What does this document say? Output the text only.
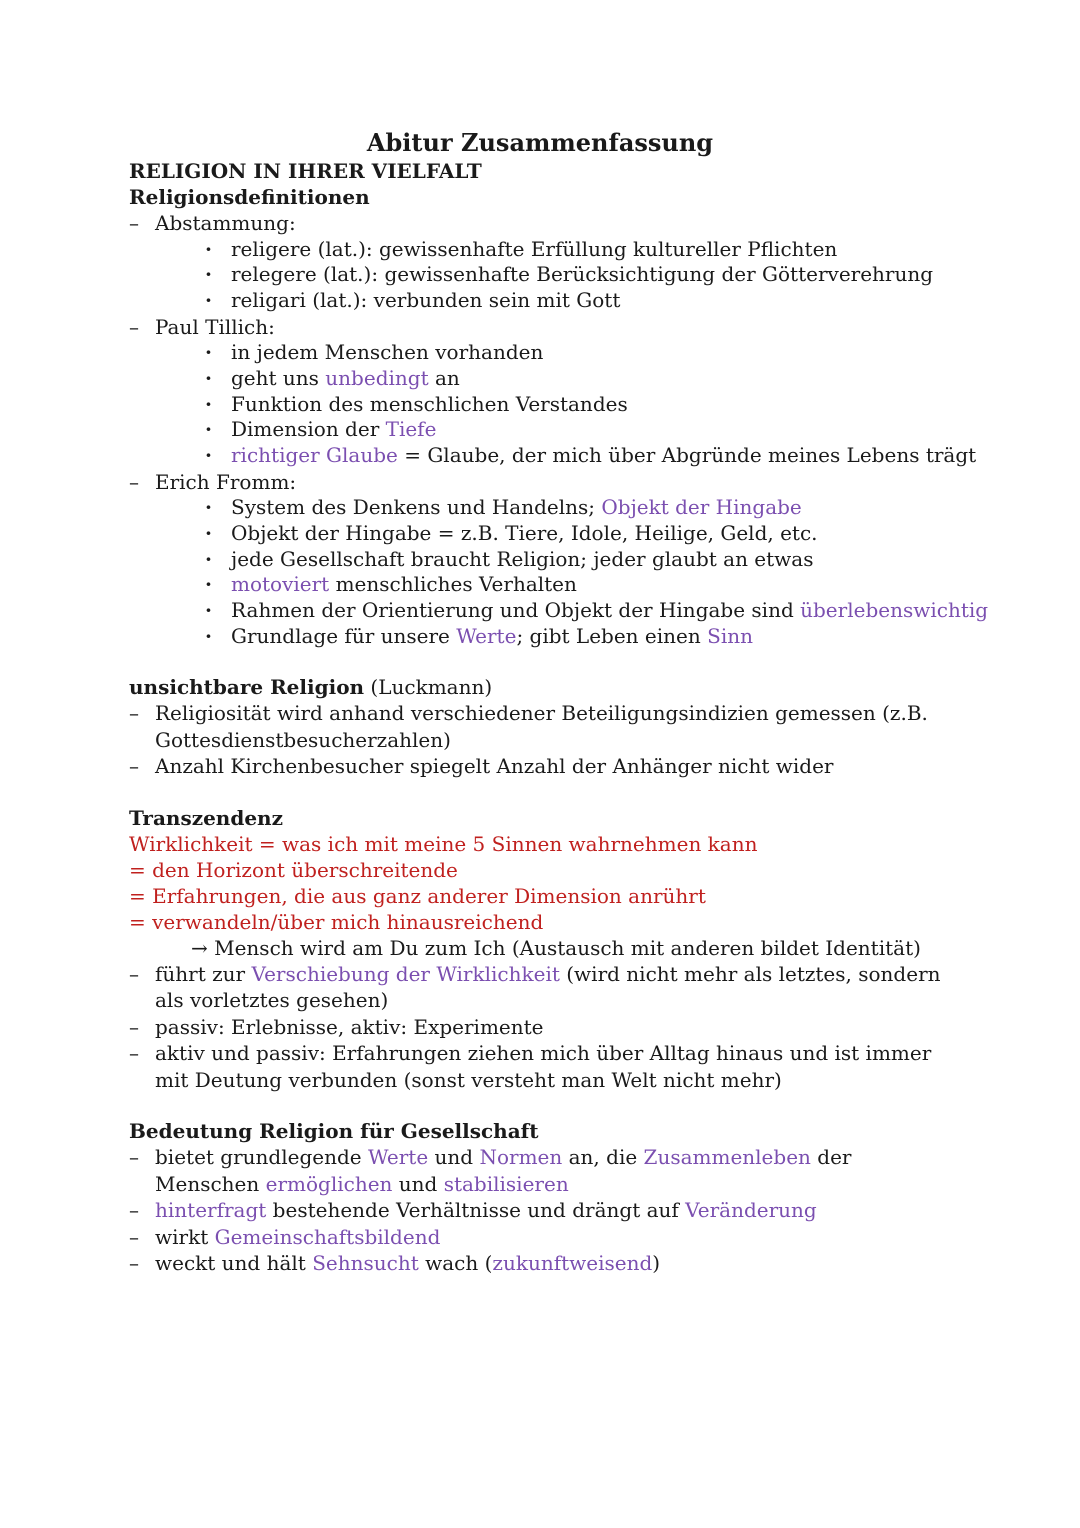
Abitur Zusammenfassung
RELIGION IN IHRER VIELFALT
Religionsdefinitionen
– Abstammung:
· religere (lat.): gewissenhafte Erfüllung kultureller Pflichten
· relegere (lat.): gewissenhafte Berücksichtigung der Götterverehrung
· religari (lat.): verbunden sein mit Gott
– Paul Tillich:
· in jedem Menschen vorhanden
· geht uns unbedingt an
· Funktion des menschlichen Verstandes
· Dimension der Tiefe
· richtiger Glaube = Glaube, der mich über Abgründe meines Lebens trägt
– Erich Fromm:
· System des Denkens und Handelns; Objekt der Hingabe
· Objekt der Hingabe = z.B. Tiere, Idole, Heilige, Geld, etc.
· jede Gesellschaft braucht Religion; jeder glaubt an etwas
· motoviert menschliches Verhalten
· Rahmen der Orientierung und Objekt der Hingabe sind überlebenswichtig
· Grundlage für unsere Werte; gibt Leben einen Sinn
unsichtbare Religion (Luckmann)
– Religiosität wird anhand verschiedener Beteiligungsindizien gemessen (z.B. Gottesdienstbesucherzahlen)
– Anzahl Kirchenbesucher spiegelt Anzahl der Anhänger nicht wider
Transzendenz
Wirklichkeit = was ich mit meine 5 Sinnen wahrnehmen kann
= den Horizont überschreitende
= Erfahrungen, die aus ganz anderer Dimension anrührt
= verwandeln/über mich hinausreichend
→ Mensch wird am Du zum Ich (Austausch mit anderen bildet Identität)
– führt zur Verschiebung der Wirklichkeit (wird nicht mehr als letztes, sondern als vorletztes gesehen)
– passiv: Erlebnisse, aktiv: Experimente
– aktiv und passiv: Erfahrungen ziehen mich über Alltag hinaus und ist immer mit Deutung verbunden (sonst versteht man Welt nicht mehr)
Bedeutung Religion für Gesellschaft
– bietet grundlegende Werte und Normen an, die Zusammenleben der Menschen ermöglichen und stabilisieren
– hinterfragt bestehende Verhältnisse und drängt auf Veränderung
– wirkt Gemeinschaftsbildend
– weckt und hält Sehnsucht wach (zukunftweisend)
